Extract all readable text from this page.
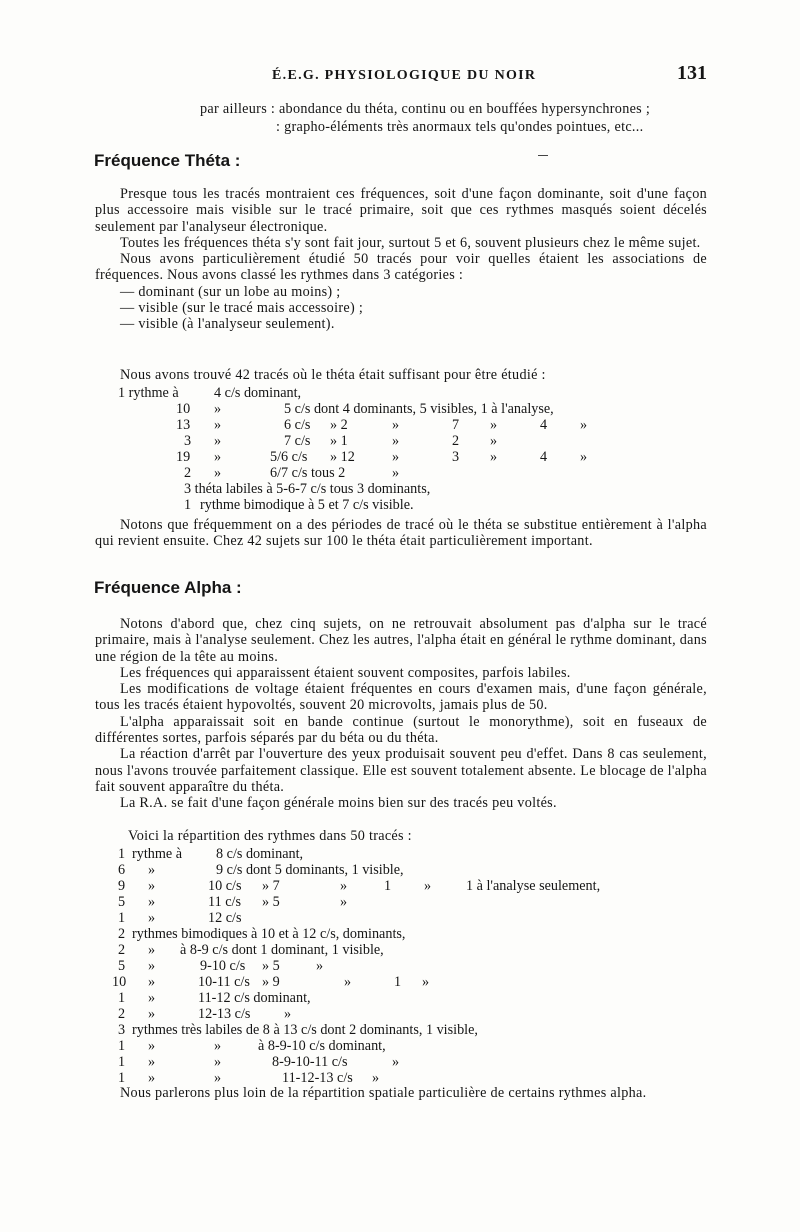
É.E.G. PHYSIOLOGIQUE DU NOIR	131
par ailleurs : abondance du théta, continu ou en bouffées hypersynchrones ;
: grapho-éléments très anormaux tels qu'ondes pointues, etc...
Fréquence Théta :

Presque tous les tracés montraient ces fréquences, soit d'une façon dominante, soit d'une façon plus accessoire mais visible sur le tracé primaire, soit que ces rythmes masqués soient décelés seulement par l'analyseur électronique.

Toutes les fréquences théta s'y sont fait jour, surtout 5 et 6, souvent plusieurs chez le même sujet.

Nous avons particulièrement étudié 50 tracés pour voir quelles étaient les associations de fréquences. Nous avons classé les rythmes dans 3 catégories :

— dominant (sur un lobe au moins) ;

— visible (sur le tracé mais accessoire) ;

— visible (à l'analyseur seulement).

Nous avons trouvé 42 tracés où le théta était suffisant pour être étudié :
1 rythme à 4 c/s dominant,
10 »	5 c/s dont 4 dominants, 5 visibles, 1 à l'analyse,
13 »	6 c/s » 2	»	7 »	4 »
3 »	7 c/s » 1	»	2 »
19 »	5/6 c/s » 12	»	3 »	4 »
2 »	6/7 c/s tous 2	»
3 théta labiles à 5-6-7 c/s tous 3 dominants,
1 rythme bimodique à 5 et 7 c/s visible.

Notons que fréquemment on a des périodes de tracé où le théta se substitue entièrement à l'alpha qui revient ensuite. Chez 42 sujets sur 100 le théta était particulièrement important.

Fréquence Alpha :

Notons d'abord que, chez cinq sujets, on ne retrouvait absolument pas d'alpha sur le tracé primaire, mais à l'analyse seulement. Chez les autres, l'alpha était en général le rythme dominant, dans une région de la tête au moins.

Les fréquences qui apparaissent étaient souvent composites, parfois labiles.

Les modifications de voltage étaient fréquentes en cours d'examen mais, d'une façon générale, tous les tracés étaient hypovoltés, souvent 20 microvolts, jamais plus de 50.

L'alpha apparaissait soit en bande continue (surtout le monorythme), soit en fuseaux de différentes sortes, parfois séparés par du béta ou du théta.

La réaction d'arrêt par l'ouverture des yeux produisait souvent peu d'effet. Dans 8 cas seulement, nous l'avons trouvée parfaitement classique. Elle est souvent totalement absente. Le blocage de l'alpha fait souvent apparaître du théta.

La R.A. se fait d'une façon générale moins bien sur des tracés peu voltés.

Voici la répartition des rythmes dans 50 tracés :
1 rythme à 8 c/s dominant,
6 »	9 c/s dont 5 dominants, 1 visible,
9 »	10 c/s » 7	»	1 » 1 à l'analyse seulement,
5 »	11 c/s » 5	»
1 »	12 c/s
2 rythmes bimodiques à 10 et à 12 c/s, dominants,
2 » à 8-9 c/s dont 1 dominant, 1 visible,
5 »	9-10 c/s » 5	»
10 »	10-11 c/s » 9	»	1 »
1 »	11-12 c/s dominant,
2 »	12-13 c/s »
3 rythmes très labiles de 8 à 13 c/s dont 2 dominants, 1 visible,
1 »	»	à 8-9-10 c/s dominant,
1 »	»	8-9-10-11 c/s	»
1 »	»	11-12-13 c/s »

Nous parlerons plus loin de la répartition spatiale particulière de certains rythmes alpha.
